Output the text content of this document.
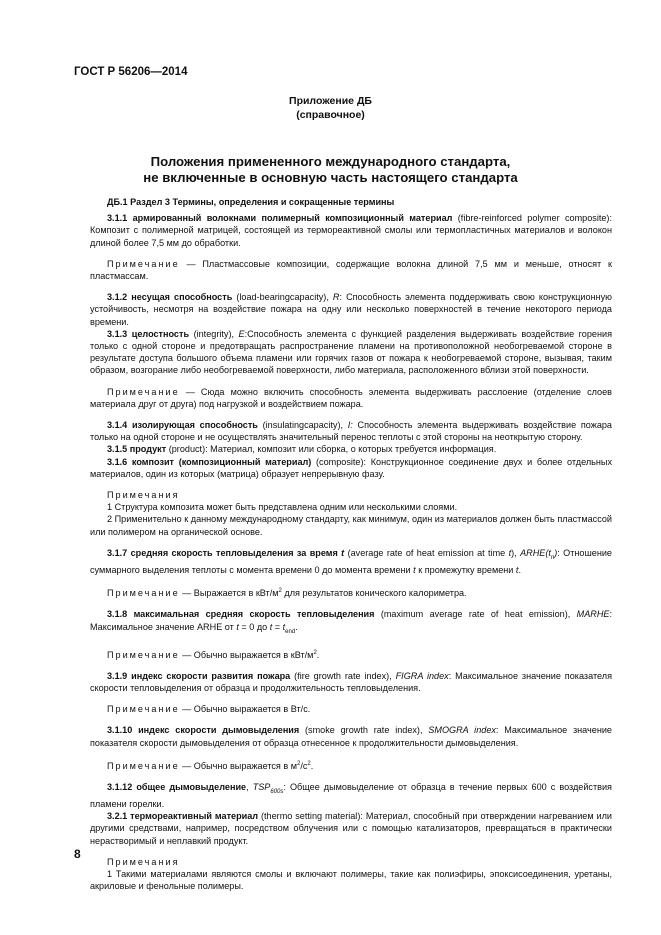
ГОСТ Р 56206—2014
Приложение ДБ
(справочное)
Положения примененного международного стандарта,
не включенные в основную часть настоящего стандарта

ДБ.1 Раздел 3 Термины, определения и сокращенные термины

3.1.1 армированный волокнами полимерный композиционный материал (fibre-reinforced polymer composite): Композит с полимерной матрицей, состоящей из термореактивной смолы или термопластичных материалов и волокон длиной более 7,5 мм до обработки.

Примечание — Пластмассовые композиции, содержащие волокна длиной 7,5 мм и меньше, относят к пластмассам.

3.1.2 несущая способность (load-bearingcapacity), R: Способность элемента поддерживать свою конструкционную устойчивость, несмотря на воздействие пожара на одну или несколько поверхностей в течение некоторого периода времени.

3.1.3 целостность (integrity), E:Способность элемента с функцией разделения выдерживать воздействие горения только с одной стороне и предотвращать распространение пламени на противоположной необогреваемой стороне в результате доступа большого объема пламени или горячих газов от пожара к необогреваемой стороне, вызывая, таким образом, возгорание либо необогреваемой поверхности, либо материала, расположенного вблизи этой поверхности.

Примечание — Сюда можно включить способность элемента выдерживать расслоение (отделение слоев материала друг от друга) под нагрузкой и воздействием пожара.

3.1.4 изолирующая способность (insulatingcapacity), I: Способность элемента выдерживать воздействие пожара только на одной стороне и не осуществлять значительный перенос теплоты с этой стороны на неоткрытую сторону.

3.1.5 продукт (product): Материал, композит или сборка, о которых требуется информация.

3.1.6 композит (композиционный материал) (composite): Конструкционное соединение двух и более отдельных материалов, один из которых (матрица) образует непрерывную фазу.

Примечания

1 Структура композита может быть представлена одним или несколькими слоями.

2 Применительно к данному международному стандарту, как минимум, один из материалов должен быть пластмассой или полимером на органической основе.

3.1.7 средняя скорость тепловыделения за время t (average rate of heat emission at time t), $ARHE(t_n)$: Отношение суммарного выделения теплоты с момента времени 0 до момента времени t к промежутку времени t.

Примечание — Выражается в кВт/$м^2$ для результатов конического калориметра.

3.1.8 максимальная средняя скорость тепловыделения (maximum average rate of heat emission), MARHE: Максимальное значение ARHE от t = 0 до $t = t_{end}$.

Примечание — Обычно выражается в кВт/$м^2$.

3.1.9 индекс скорости развития пожара (fire growth rate index), FIGRA index: Максимальное значение показателя скорости тепловыделения от образца и продолжительность тепловыделения.

Примечание — Обычно выражается в Вт/с.

3.1.10 индекс скорости дымовыделения (smoke growth rate index), SMOGRA index: Максимальное значение показателя скорости дымовыделения от образца отнесенное к продолжительности дымовыделения.

Примечание — Обычно выражается в $м^2/с^2$.

3.1.12 общее дымовыделение, $TSP_{600s}$: Общее дымовыделение от образца в течение первых 600 с воздействия пламени горелки.

3.2.1 термореактивный материал (thermo setting material): Материал, способный при отверждении нагреванием или другими средствами, например, посредством облучения или с помощью катализаторов, превращаться в практически нерастворимый и неплавкий продукт.

Примечания

1 Такими материалами являются смолы и включают полимеры, такие как полиэфиры, эпоксисоединения, уретаны, акриловые и фенольные полимеры.

8
